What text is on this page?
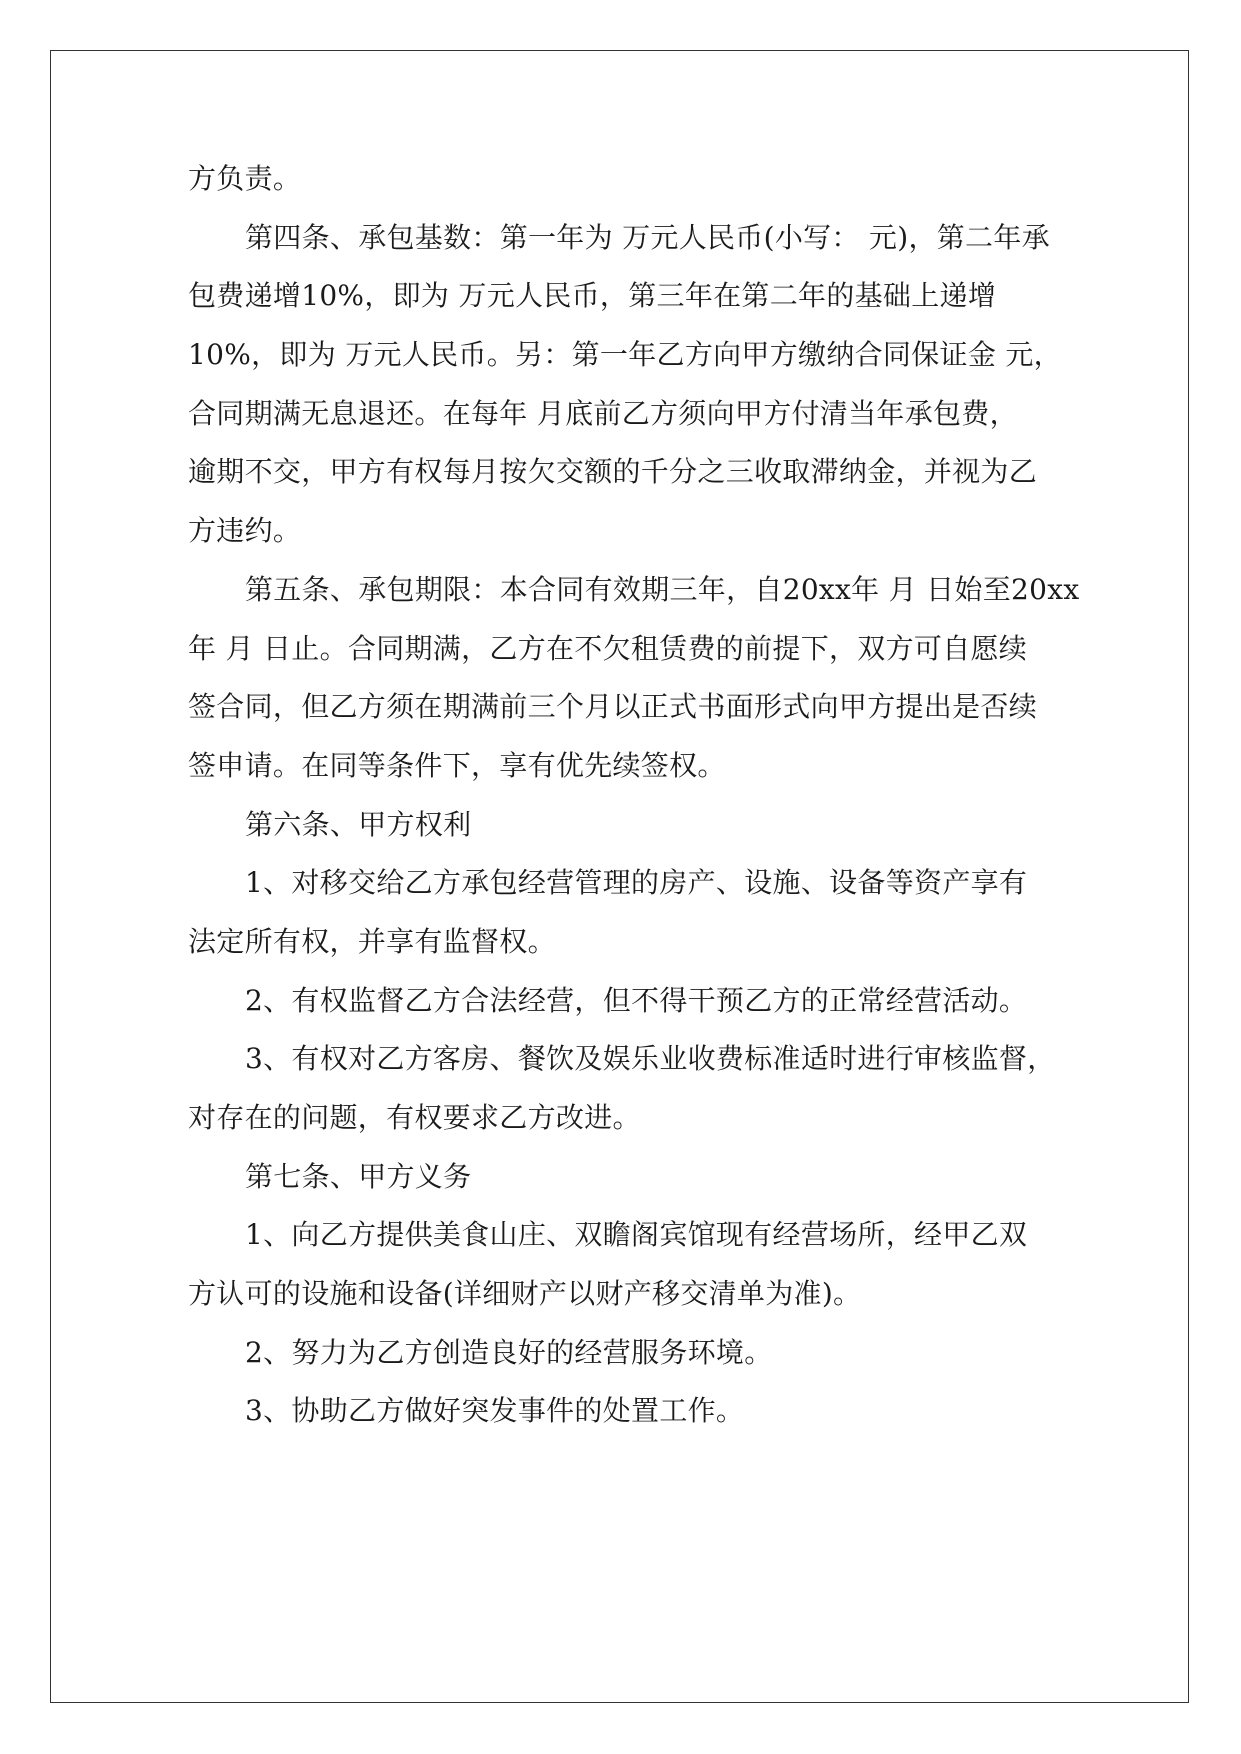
方负责。
第四条、承包基数：第一年为 万元人民币(小写： 元)，第二年承
包费递增10%，即为 万元人民币，第三年在第二年的基础上递增
10%，即为 万元人民币。另：第一年乙方向甲方缴纳合同保证金 元，
合同期满无息退还。在每年 月底前乙方须向甲方付清当年承包费，
逾期不交，甲方有权每月按欠交额的千分之三收取滞纳金，并视为乙
方违约。
第五条、承包期限：本合同有效期三年，自20xx年 月 日始至20xx
年 月 日止。合同期满，乙方在不欠租赁费的前提下，双方可自愿续
签合同，但乙方须在期满前三个月以正式书面形式向甲方提出是否续
签申请。在同等条件下，享有优先续签权。
第六条、甲方权利
1、对移交给乙方承包经营管理的房产、设施、设备等资产享有
法定所有权，并享有监督权。
2、有权监督乙方合法经营，但不得干预乙方的正常经营活动。
3、有权对乙方客房、餐饮及娱乐业收费标准适时进行审核监督，
对存在的问题，有权要求乙方改进。
第七条、甲方义务
1、向乙方提供美食山庄、双瞻阁宾馆现有经营场所，经甲乙双
方认可的设施和设备(详细财产以财产移交清单为准)。
2、努力为乙方创造良好的经营服务环境。
3、协助乙方做好突发事件的处置工作。
